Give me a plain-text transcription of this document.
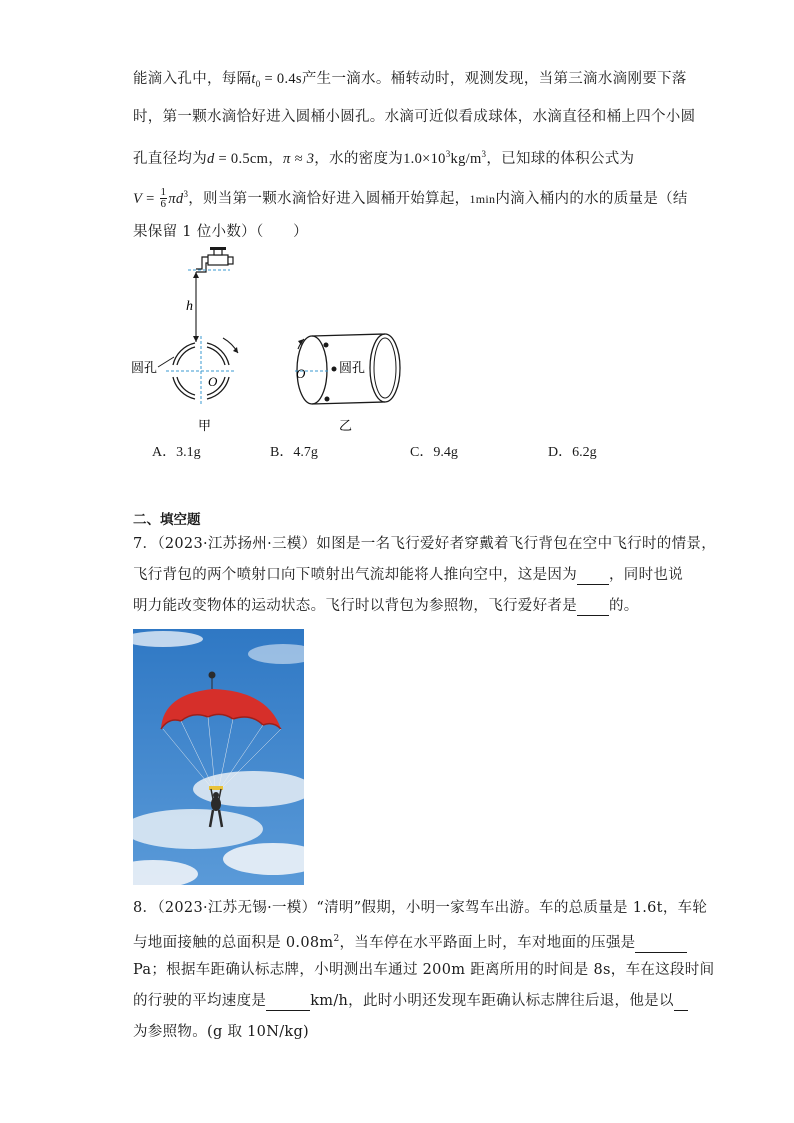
能滴入孔中，每隔$t_0 = 0.4s$产生一滴水。桶转动时，观测发现，当第三滴水滴刚要下落
时，第一颗水滴恰好进入圆桶小圆孔。水滴可近似看成球体，水滴直径和桶上四个小圆
孔直径均为d = 0.5cm，π ≈ 3，水的密度为$1.0\times 10^3kg/m^3$，已知球的体积公式为
$V = \frac{1}{6} \pi d^3$，则当第一颗水滴恰好进入圆桶开始算起，1min内滴入桶内的水的质量是（结
果保留 1 位小数）（　　）
h
圆孔
O
甲
O	圆孔
乙
A．3.1g	B．4.7g	C．9.4g	D．6.2g
二、填空题
7．（2023·江苏扬州·三模）如图是一名飞行爱好者穿戴着飞行背包在空中飞行时的情景，
飞行背包的两个喷射口向下喷射出气流却能将人推向空中，这是因为 ，同时也说
明力能改变物体的运动状态。飞行时以背包为参照物，飞行爱好者是 的。
8．（2023·江苏无锡·一模）“清明”假期，小明一家驾车出游。车的总质量是 1.6t，车轮
与地面接触的总面积是 $0.08m^2$，当车停在水平路面上时，车对地面的压强是
Pa；根据车距确认标志牌，小明测出车通过 200m 距离所用的时间是 8s，车在这段时间
的行驶的平均速度是	km/h，此时小明还发现车距确认标志牌往后退，他是以
为参照物。(g 取 10N/kg)
